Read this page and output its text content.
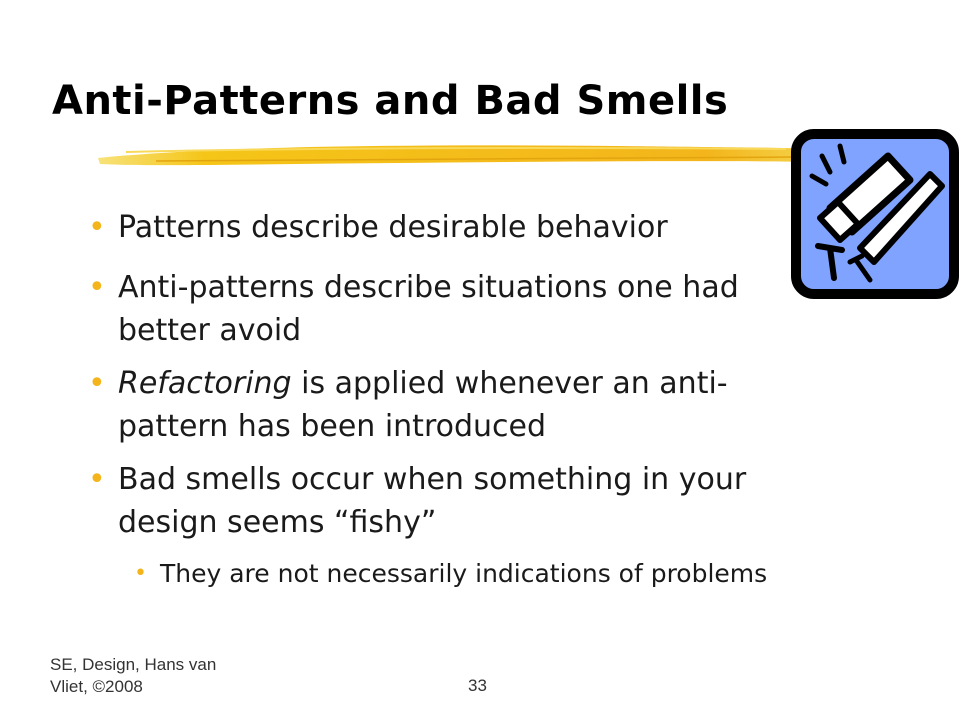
Anti-Patterns and Bad Smells
• Patterns describe desirable behavior
• Anti-patterns describe situations one had better avoid
• Refactoring is applied whenever an anti-pattern has been introduced
• Bad smells occur when something in your design seems “fishy”
• They are not necessarily indications of problems
SE, Design, Hans van Vliet, ©2008	33
